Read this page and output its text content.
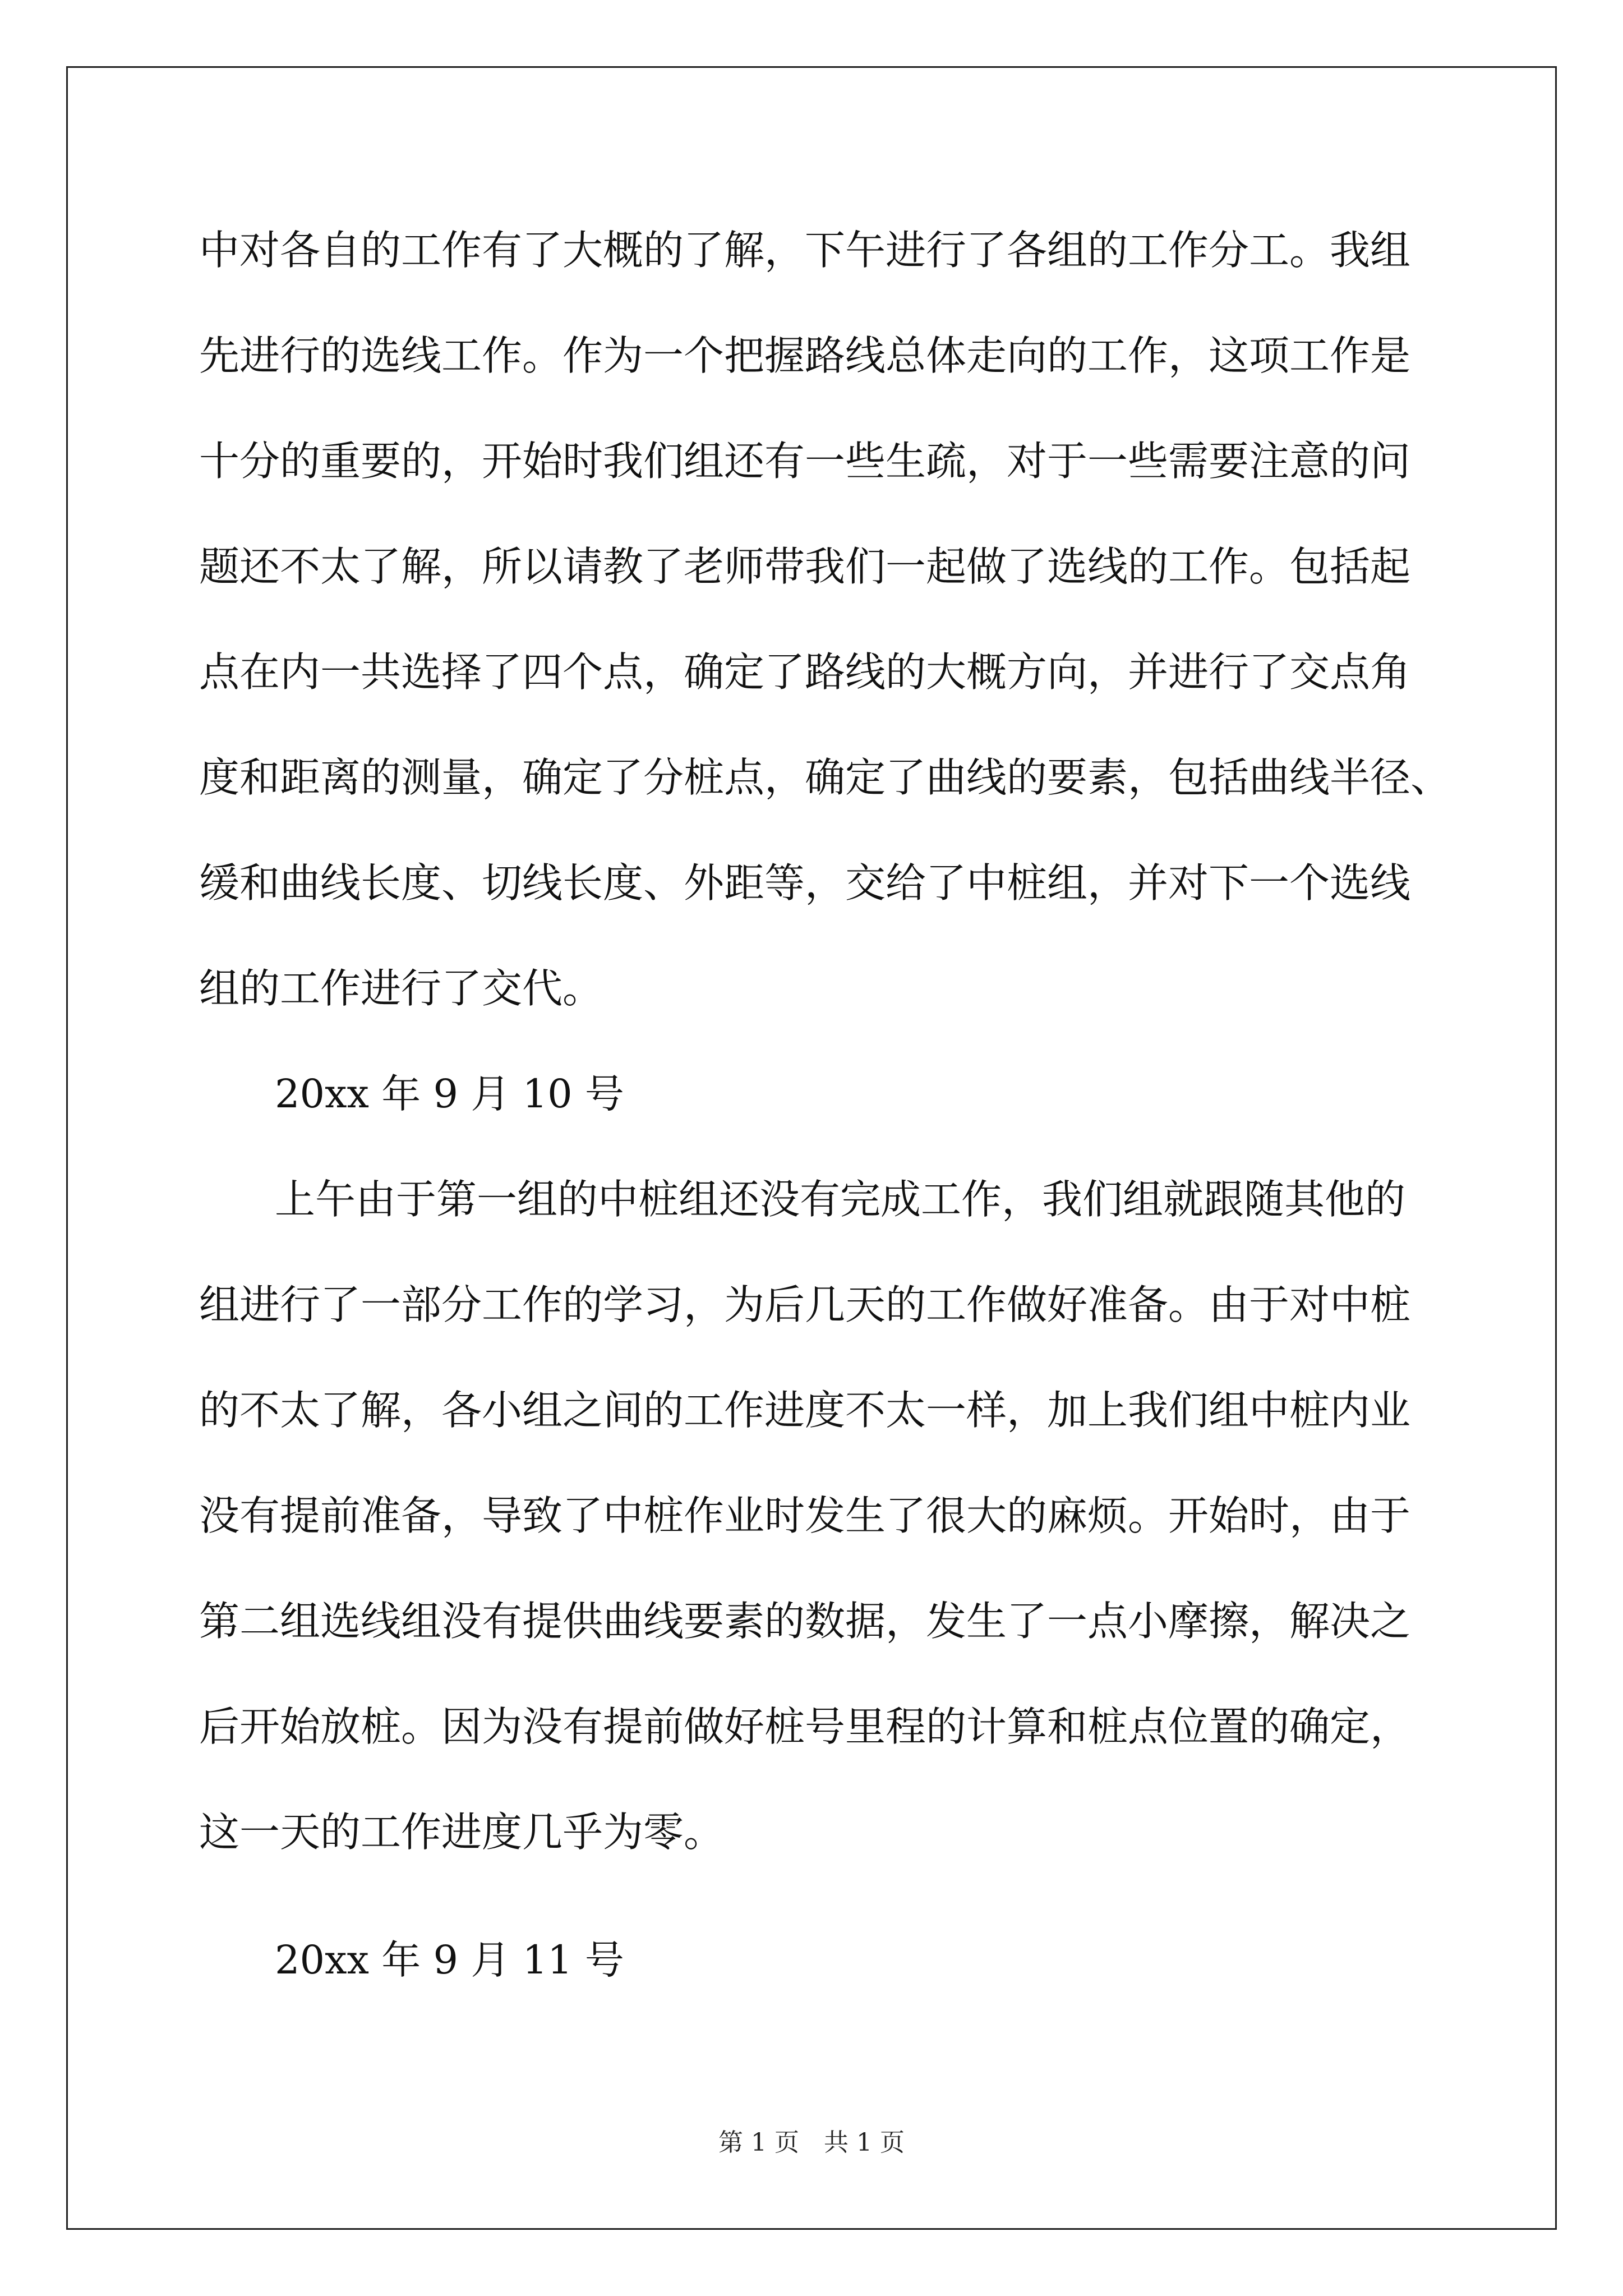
中对各自的工作有了大概的了解，下午进行了各组的工作分工。我组
先进行的选线工作。作为一个把握路线总体走向的工作，这项工作是
十分的重要的，开始时我们组还有一些生疏，对于一些需要注意的问
题还不太了解，所以请教了老师带我们一起做了选线的工作。包括起
点在内一共选择了四个点，确定了路线的大概方向，并进行了交点角
度和距离的测量，确定了分桩点，确定了曲线的要素，包括曲线半径、
缓和曲线长度、切线长度、外距等，交给了中桩组，并对下一个选线
组的工作进行了交代。
20xx 年 9 月 10 号
上午由于第一组的中桩组还没有完成工作，我们组就跟随其他的
组进行了一部分工作的学习，为后几天的工作做好准备。由于对中桩
的不太了解，各小组之间的工作进度不太一样，加上我们组中桩内业
没有提前准备，导致了中桩作业时发生了很大的麻烦。开始时，由于
第二组选线组没有提供曲线要素的数据，发生了一点小摩擦，解决之
后开始放桩。因为没有提前做好桩号里程的计算和桩点位置的确定，
这一天的工作进度几乎为零。
20xx 年 9 月 11 号
第 1 页　共 1 页
